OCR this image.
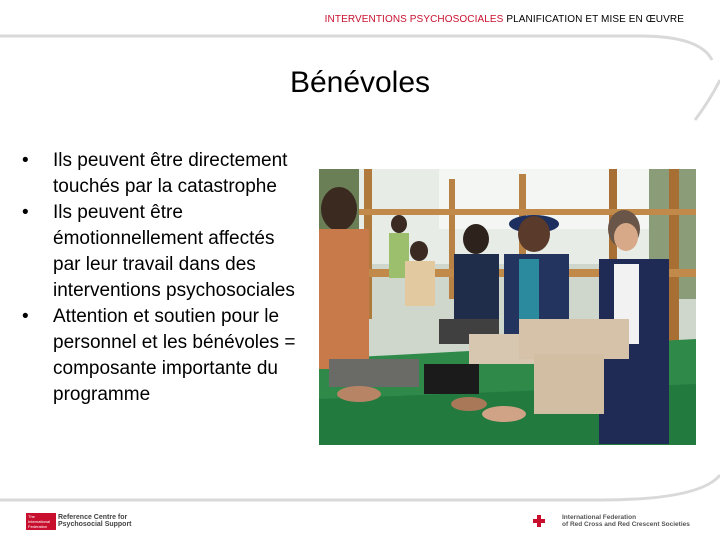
INTERVENTIONS PSYCHOSOCIALES PLANIFICATION ET MISE EN ŒUVRE
Bénévoles
•	Ils peuvent être directement touchés par la catastrophe
•	Ils peuvent être émotionnellement affectés par leur travail dans des interventions psychosociales
•	Attention et soutien pour le personnel et les bénévoles = composante importante du programme
The International Federation
Reference Centre for
Psychosocial Support
International Federation
of Red Cross and Red Crescent Societies
